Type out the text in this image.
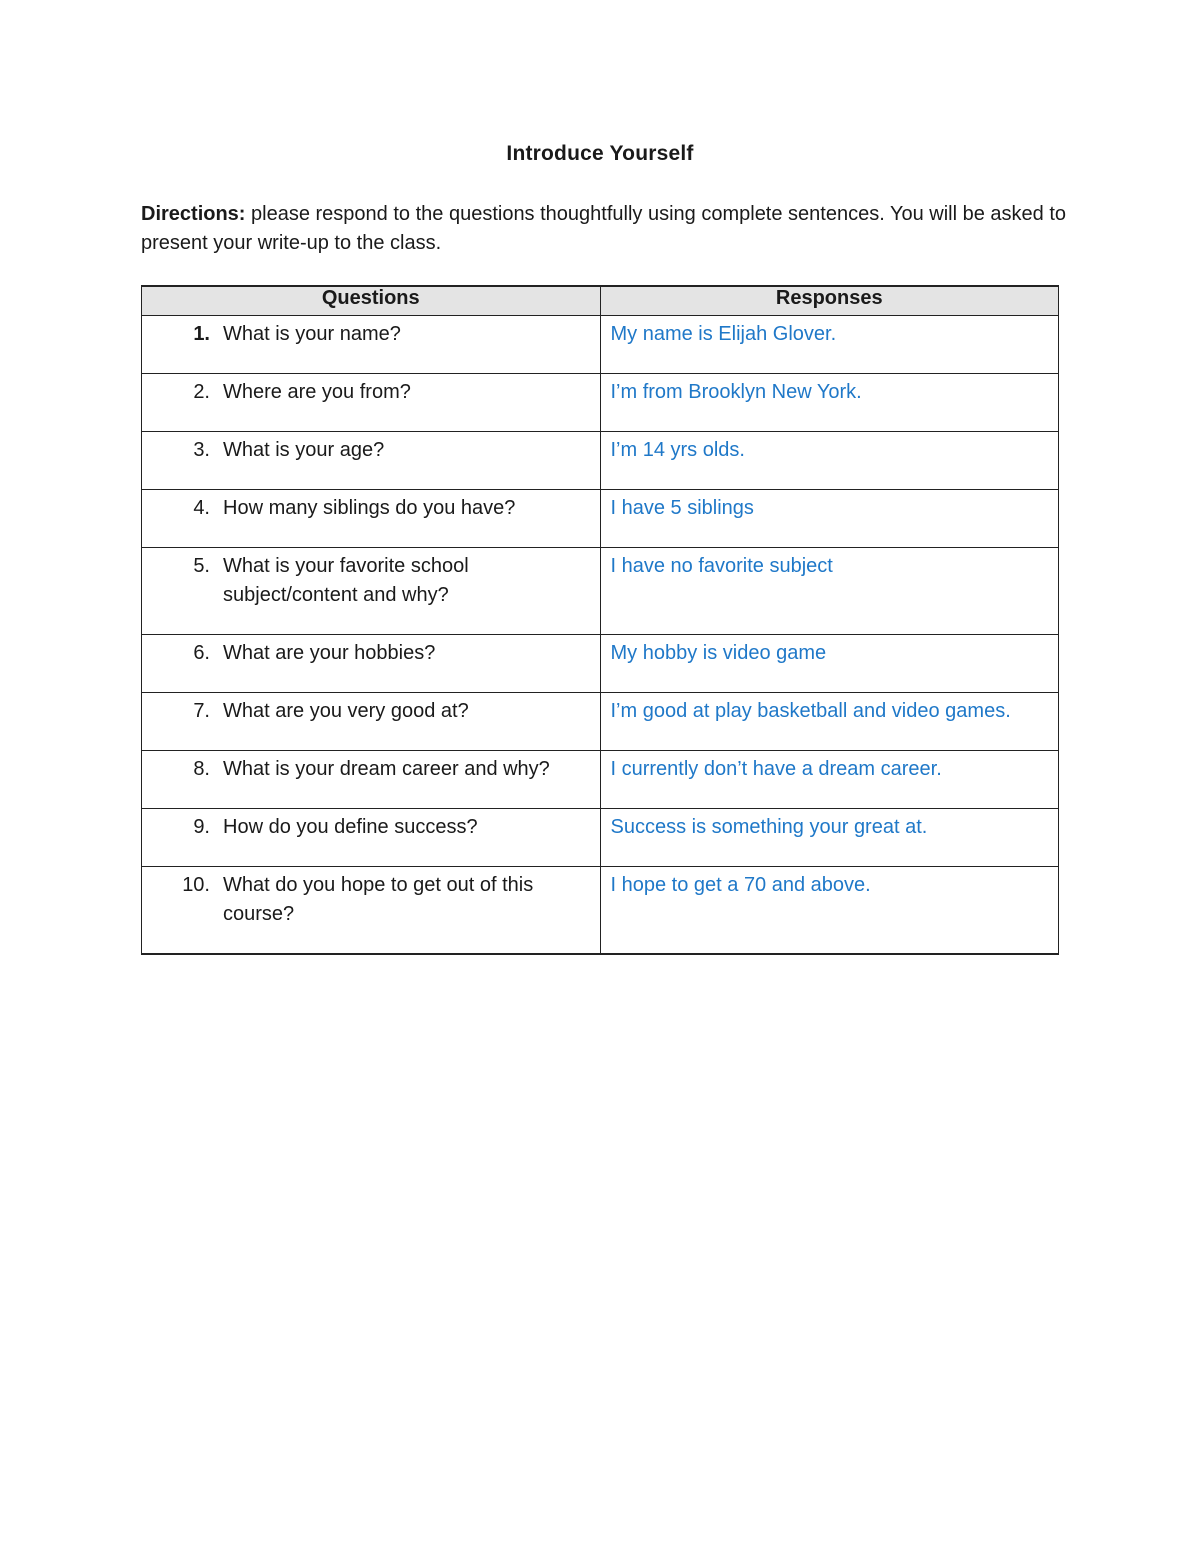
Introduce Yourself
Directions: please respond to the questions thoughtfully using complete sentences. You will be asked to present your write-up to the class.
Questions	Responses

1. What is your name?	My name is Elijah Glover.

2. Where are you from?	I’m from Brooklyn New York.

3. What is your age?	I’m 14 yrs olds.

4. How many siblings do you have?	I have 5 siblings

5. What is your favorite school subject/content and why?	I have no favorite subject

6. What are your hobbies?	My hobby is video game

7. What are you very good at?	I’m good at play basketball and video games.

8. What is your dream career and why?	I currently don’t have a dream career.

9. How do you define success?	Success is something your great at.

10. What do you hope to get out of this course?	I hope to get a 70 and above.
